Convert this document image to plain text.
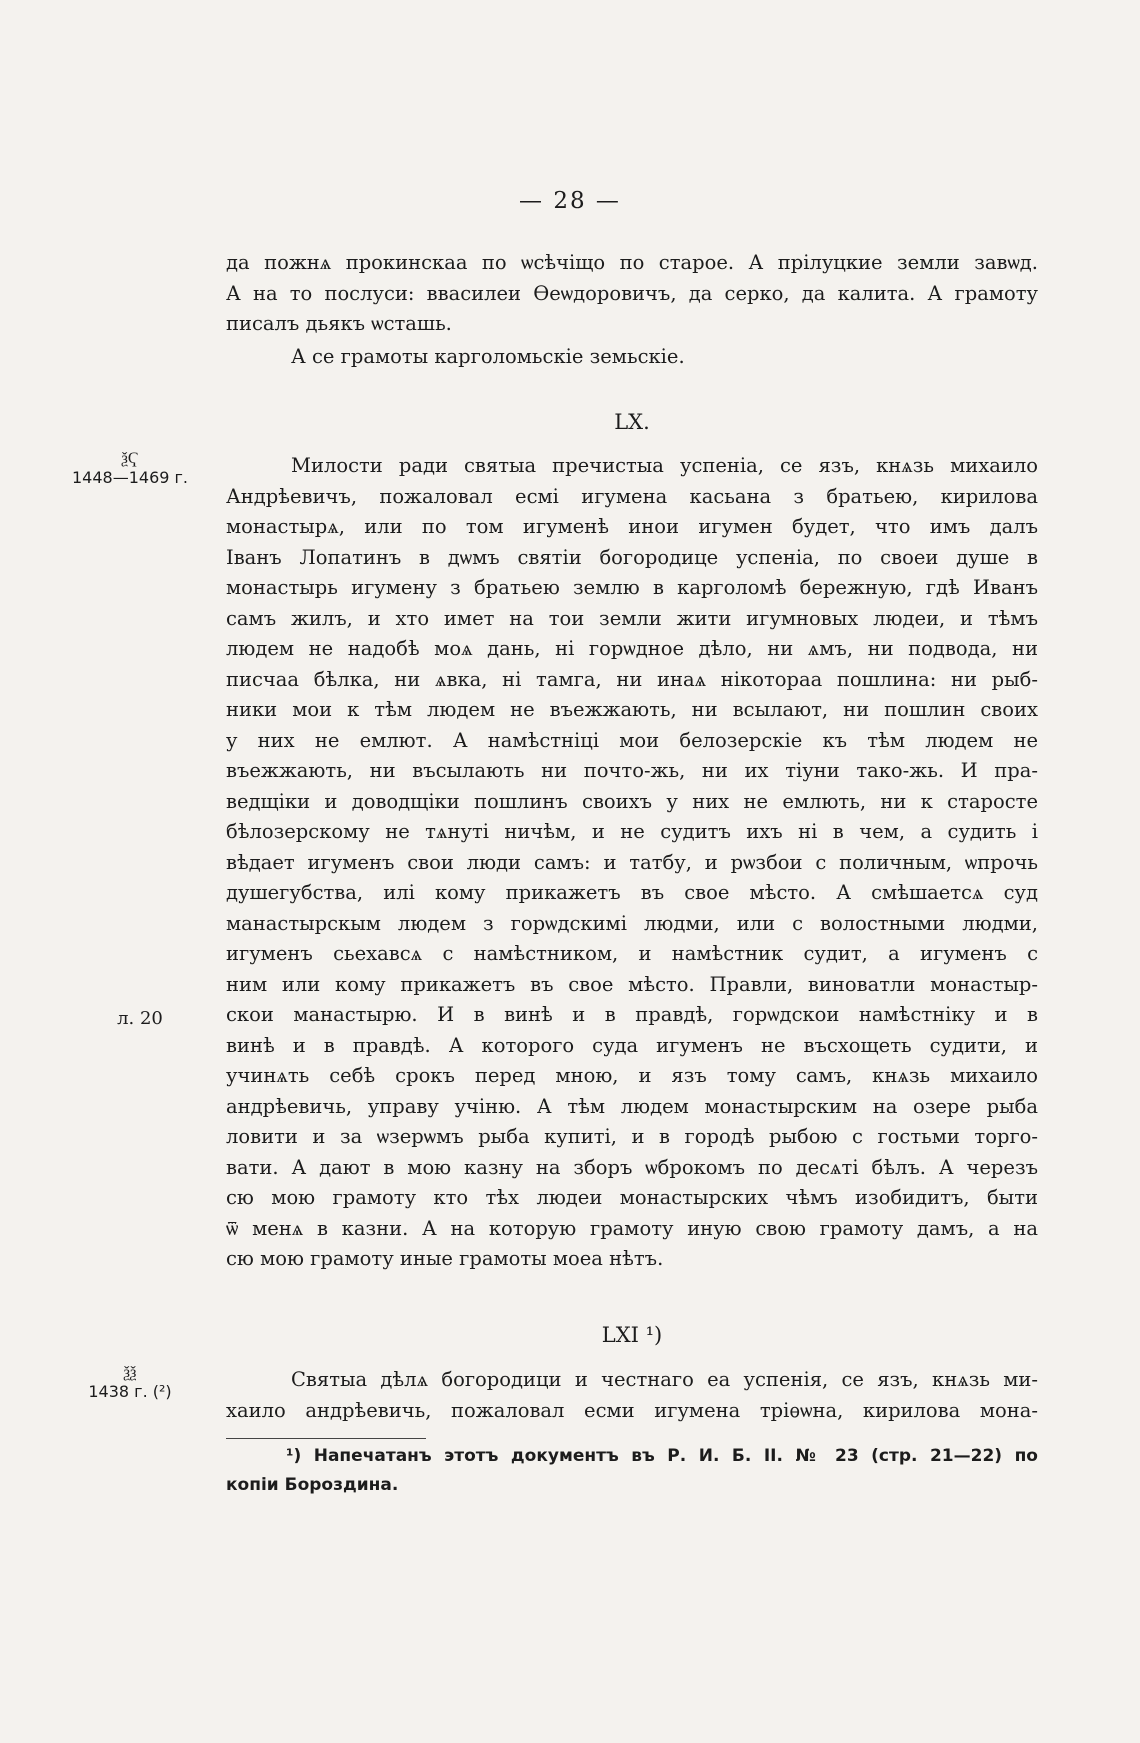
— 28 —
да пожнѧ прокинскаа по ѡсѣчіщо по старое. А прілуцкие земли завѡд.
А на то послуси: ввасилеи Ѳеѡдоровичъ, да серко, да калита. А грамоту
писалъ дьякъ ѡсташь.
А се грамоты карголомьскіе земьскіе.
LX.
ѯҀ
1448—1469 г.
л. 20
Милости ради святыа пречистыа успеніа, се язъ, кнѧзь михаило
Андрѣевичъ, пожаловал есмі игумена касьана з братьею, кирилова
монастырѧ, или по том игуменѣ инои игумен будет, что имъ далъ
Іванъ Лопатинъ в дѡмъ святіи богородице успеніа, по своеи душе в
монастырь игумену з братьею землю в карголомѣ бережную, гдѣ Иванъ
самъ жилъ, и хто имет на тои земли жити игумновых людеи, и тѣмъ
людем не надобѣ моѧ дань, ні горѡдное дѣло, ни ѧмъ, ни подвода, ни
писчаа бѣлка, ни ѧвка, ні тамга, ни инаѧ нікотораа пошлина: ни рыб-
ники мои к тѣм людем не въежжають, ни всылают, ни пошлин своих
у них не емлют. А намѣстніці мои белозерскіе къ тѣм людем не
въежжають, ни въсылають ни почто-жь, ни их тіуни тако-жь. И пра-
ведщіки и доводщіки пошлинъ своихъ у них не емлють, ни к старосте
бѣлозерскому не тѧнуті ничѣм, и не судитъ ихъ ні в чем, а судить і
вѣдает игуменъ свои люди самъ: и татбу, и рѡзбои с поличным, ѡпрочь
душегубства, илі кому прикажетъ въ свое мѣсто. А смѣшаетсѧ суд
манастырскым людем з горѡдскимі людми, или с волостными людми,
игуменъ сьехавсѧ с намѣстником, и намѣстник судит, а игуменъ с
ним или кому прикажетъ въ свое мѣсто. Правли, виноватли монастыр-
скои манастырю. И в винѣ и в правдѣ, горѡдскои намѣстніку и в
винѣ и в правдѣ. А которого суда игуменъ не въсхощеть судити, и
учинѧть себѣ срокъ перед мною, и язъ тому самъ, кнѧзь михаило
андрѣевичь, управу учіню. А тѣм людем монастырским на озере рыба
ловити и за ѡзерѡмъ рыба купиті, и в городѣ рыбою с гостьми торго-
вати. А дают в мою казну на зборъ ѡброкомъ по десѧті бѣлъ. А черезъ
сю мою грамоту кто тѣх людеи монастырских чѣмъ изобидитъ, быти
ѿ менѧ в казни. А на которую грамоту иную свою грамоту дамъ, а на
сю мою грамоту иные грамоты моеа нѣтъ.
LXI ¹)
ѯѯ
1438 г. (²)
Святыа дѣлѧ богородици и честнаго еа успенія, се язъ, кнѧзь ми-
хаило андрѣевичь, пожаловал есми игумена тріѳѡна, кирилова мона-
¹) Напечатанъ этотъ документъ въ Р. И. Б. II. № 23 (стр. 21—22) по
копіи Бороздина.
